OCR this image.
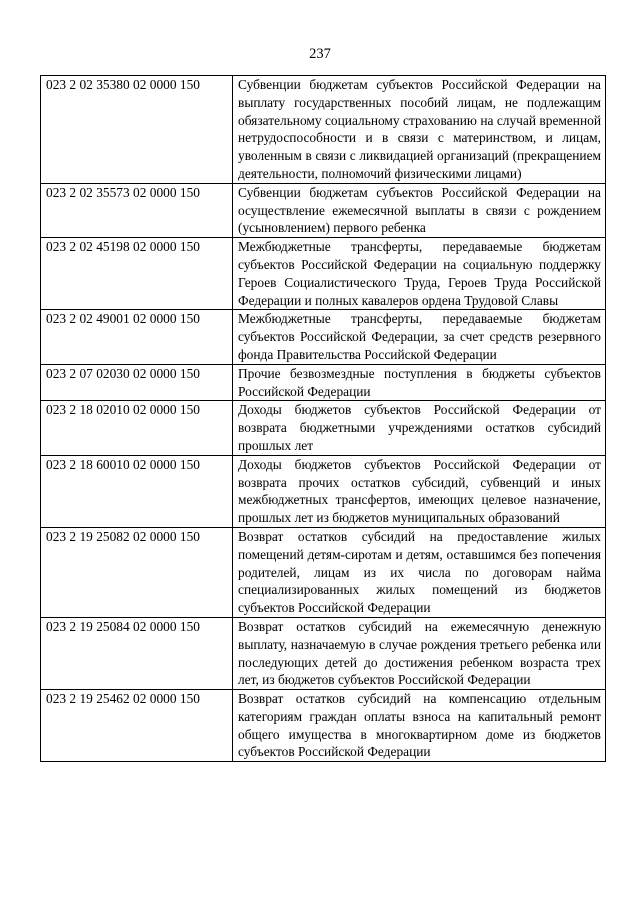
237
023 2 02 35380 02 0000 150	Субвенции бюджетам субъектов Российской Федерации на выплату государственных пособий лицам, не подлежащим обязательному социальному страхованию на случай временной нетрудоспособности и в связи с материнством, и лицам, уволенным в связи с ликвидацией организаций (прекращением деятельности, полномочий физическими лицами)
023 2 02 35573 02 0000 150	Субвенции бюджетам субъектов Российской Федерации на осуществление ежемесячной выплаты в связи с рождением (усыновлением) первого ребенка
023 2 02 45198 02 0000 150	Межбюджетные трансферты, передаваемые бюджетам субъектов Российской Федерации на социальную поддержку Героев Социалистического Труда, Героев Труда Российской Федерации и полных кавалеров ордена Трудовой Славы
023 2 02 49001 02 0000 150	Межбюджетные трансферты, передаваемые бюджетам субъектов Российской Федерации, за счет средств резервного фонда Правительства Российской Федерации
023 2 07 02030 02 0000 150	Прочие безвозмездные поступления в бюджеты субъектов Российской Федерации
023 2 18 02010 02 0000 150	Доходы бюджетов субъектов Российской Федерации от возврата бюджетными учреждениями остатков субсидий прошлых лет
023 2 18 60010 02 0000 150	Доходы бюджетов субъектов Российской Федерации от возврата прочих остатков субсидий, субвенций и иных межбюджетных трансфертов, имеющих целевое назначение, прошлых лет из бюджетов муниципальных образований
023 2 19 25082 02 0000 150	Возврат остатков субсидий на предоставление жилых помещений детям-сиротам и детям, оставшимся без попечения родителей, лицам из их числа по договорам найма специализированных жилых помещений из бюджетов субъектов Российской Федерации
023 2 19 25084 02 0000 150	Возврат остатков субсидий на ежемесячную денежную выплату, назначаемую в случае рождения третьего ребенка или последующих детей до достижения ребенком возраста трех лет, из бюджетов субъектов Российской Федерации
023 2 19 25462 02 0000 150	Возврат остатков субсидий на компенсацию отдельным категориям граждан оплаты взноса на капитальный ремонт общего имущества в многоквартирном доме из бюджетов субъектов Российской Федерации
